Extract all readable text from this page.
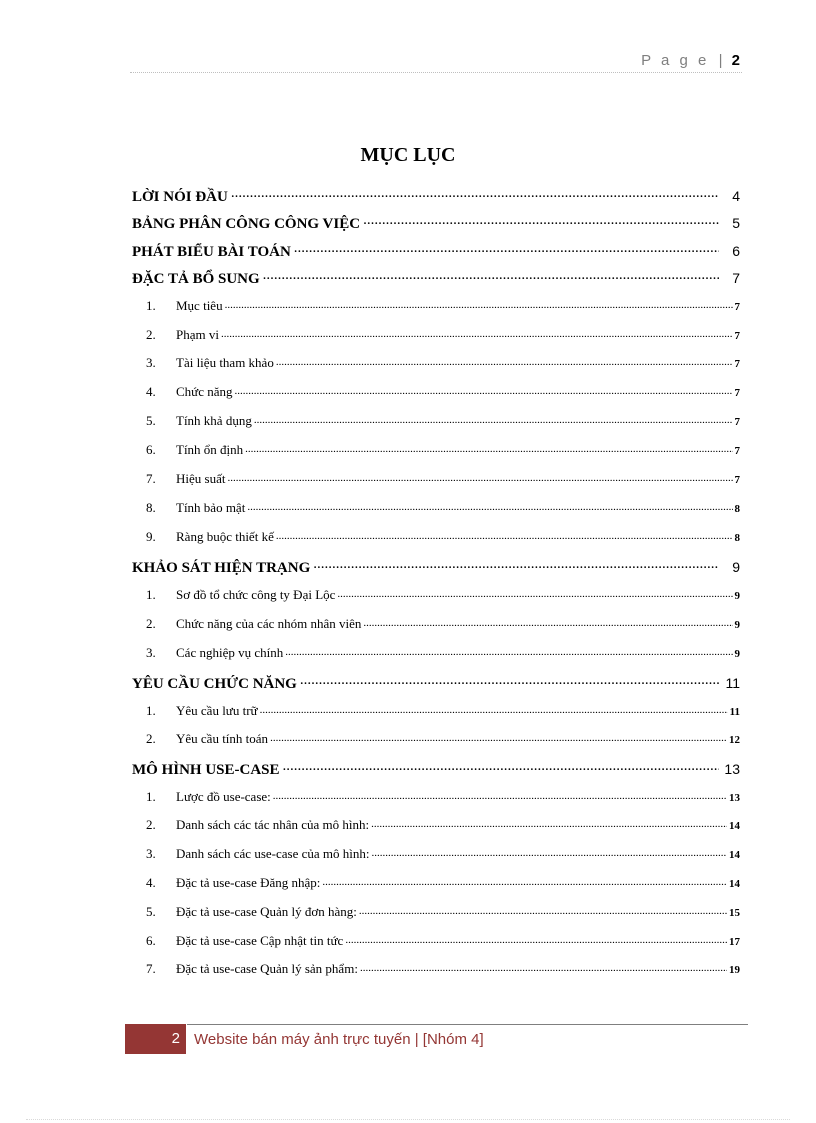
P a g e | 2
MỤC LỤC
LỜI NÓI ĐẦU .....	4
BẢNG PHÂN CÔNG CÔNG VIỆC .....	5
PHÁT BIỂU BÀI TOÁN .....	6
ĐẶC TẢ BỔ SUNG .....	7
1.	Mục tiêu .....	7
2.	Phạm vi .....	7
3.	Tài liệu tham khảo .....	7
4.	Chức năng .....	7
5.	Tính khả dụng .....	7
6.	Tính ổn định .....	7
7.	Hiệu suất .....	7
8.	Tính bảo mật .....	8
9.	Ràng buộc thiết kế .....	8
KHẢO SÁT HIỆN TRẠNG .....	9
1.	Sơ đồ tổ chức công ty Đại Lộc .....	9
2.	Chức năng của các nhóm nhân viên .....	9
3.	Các nghiệp vụ chính .....	9
YÊU CẦU CHỨC NĂNG .....	11
1.	Yêu cầu lưu trữ .....	11
2.	Yêu cầu tính toán .....	12
MÔ HÌNH USE-CASE .....	13
1.	Lược đồ use-case: .....	13
2.	Danh sách các tác nhân của mô hình: .....	14
3.	Danh sách các use-case của mô hình: .....	14
4.	Đặc tả use-case Đăng nhập: .....	14
5.	Đặc tả use-case Quản lý đơn hàng: .....	15
6.	Đặc tả use-case Cập nhật tin tức .....	17
7.	Đặc tả use-case Quản lý sản phẩm: .....	19
2 Website bán máy ảnh trực tuyến | [Nhóm 4]
